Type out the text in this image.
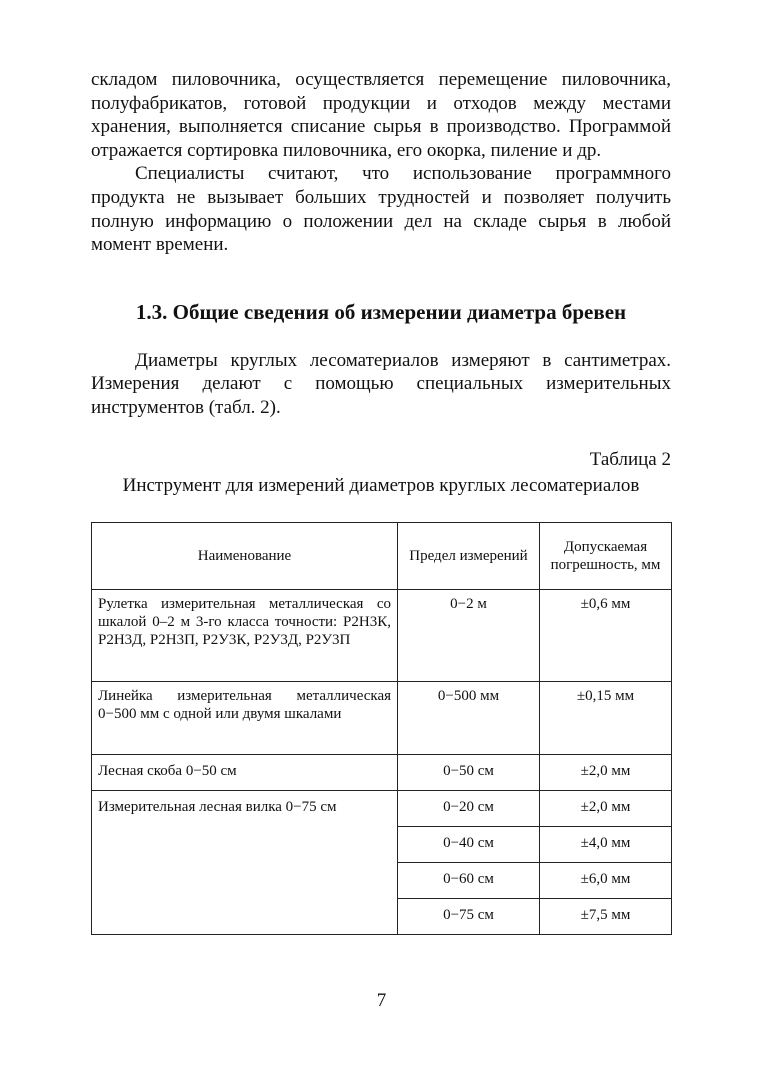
складом пиловочника, осуществляется перемещение пиловочника, полуфабрикатов, готовой продукции и отходов между местами хранения, выполняется списание сырья в производство. Программой отражается сортировка пиловочника, его окорка, пиление и др.

Специалисты считают, что использование программного продукта не вызывает больших трудностей и позволяет получить полную информацию о положении дел на складе сырья в любой момент времени.

1.3. Общие сведения об измерении диаметра бревен

Диаметры круглых лесоматериалов измеряют в сантиметрах. Измерения делают с помощью специальных измерительных инструментов (табл. 2).

Таблица 2
Инструмент для измерений диаметров круглых лесоматериалов
Наименование	Предел измерений	Допускаемая погрешность, мм
Рулетка измерительная металлическая со шкалой 0–2 м 3-го класса точности: Р2Н3К, Р2Н3Д, Р2Н3П, Р2У3К, Р2У3Д, Р2У3П	0−2 м	±0,6 мм
Линейка измерительная металлическая 0−500 мм с одной или двумя шкалами	0−500 мм	±0,15 мм
Лесная скоба 0−50 см	0−50 см	±2,0 мм
Измерительная лесная вилка 0−75 см	0−20 см	±2,0 мм
	0−40 см	±4,0 мм
	0−60 см	±6,0 мм
	0−75 см	±7,5 мм
7
